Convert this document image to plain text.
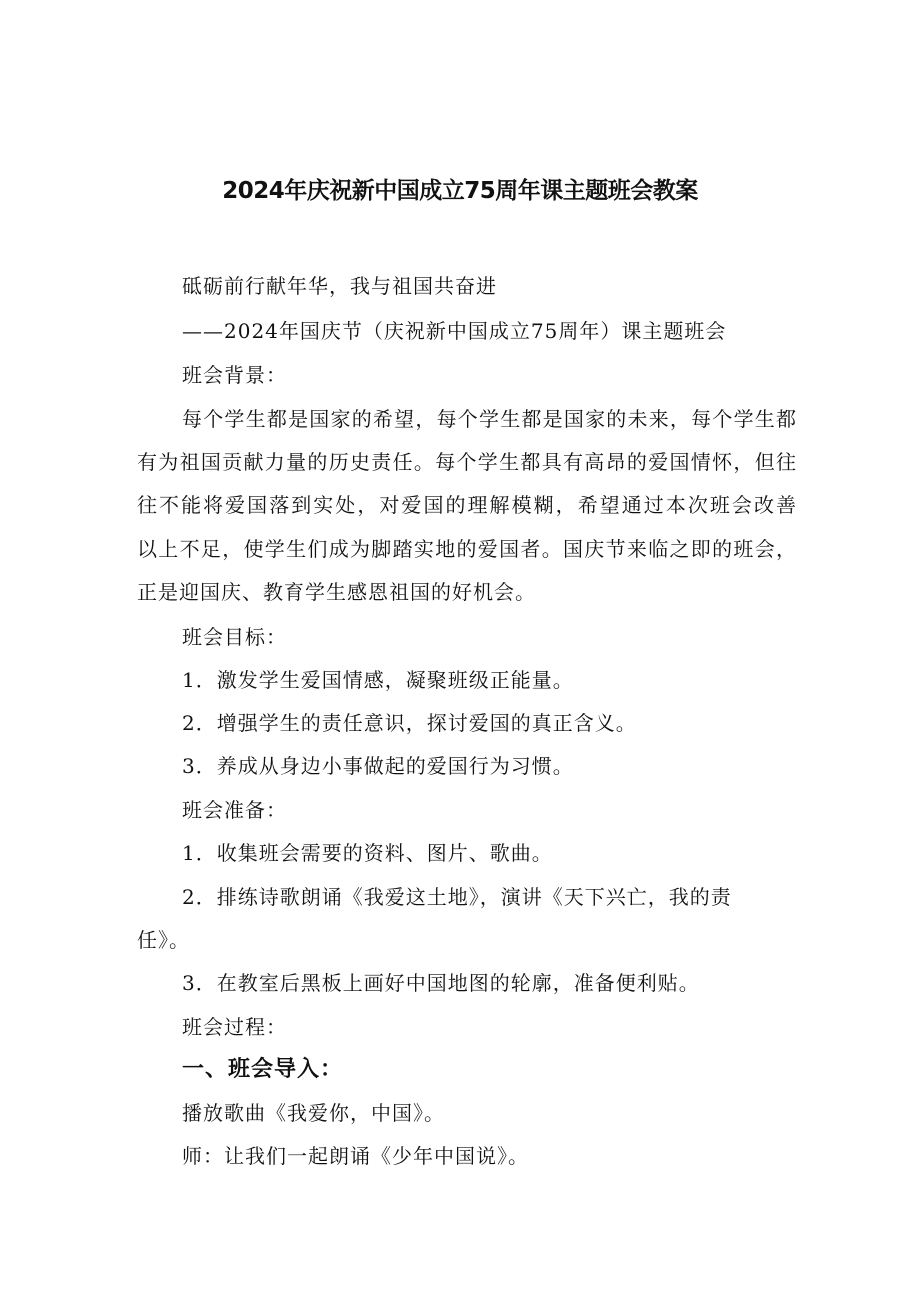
2024年庆祝新中国成立75周年课主题班会教案
砥砺前行献年华，我与祖国共奋进
——2024年国庆节（庆祝新中国成立75周年）课主题班会
班会背景：
每个学生都是国家的希望，每个学生都是国家的未来，每个学生都
有为祖国贡献力量的历史责任。每个学生都具有高昂的爱国情怀，但往
往不能将爱国落到实处，对爱国的理解模糊，希望通过本次班会改善
以上不足，使学生们成为脚踏实地的爱国者。国庆节来临之即的班会，
正是迎国庆、教育学生感恩祖国的好机会。
班会目标：
1．激发学生爱国情感，凝聚班级正能量。
2．增强学生的责任意识，探讨爱国的真正含义。
3．养成从身边小事做起的爱国行为习惯。
班会准备：
1．收集班会需要的资料、图片、歌曲。
2．排练诗歌朗诵《我爱这土地》，演讲《天下兴亡，我的责
任》。
3．在教室后黑板上画好中国地图的轮廓，准备便利贴。
班会过程：
一、班会导入：
播放歌曲《我爱你，中国》。
师：让我们一起朗诵《少年中国说》。
